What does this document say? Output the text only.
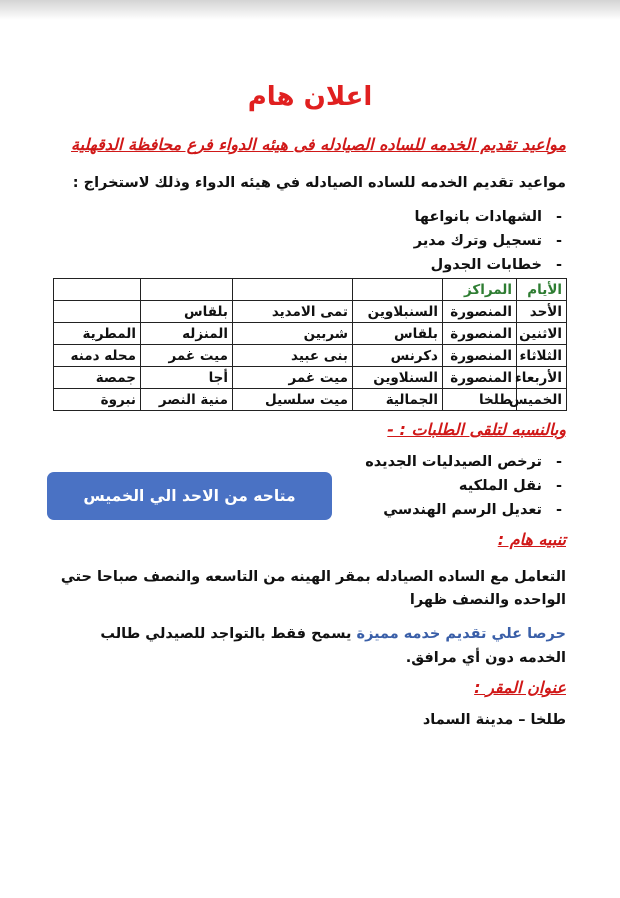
اعلان هام
مواعيد تقديم الخدمه للساده الصيادله فى هيئه الدواء فرع محافظة الدقهلية

مواعيد تقديم الخدمه للساده الصيادله في هيئه الدواء وذلك لاستخراج :

- الشهادات بانواعها
- تسجيل وترك مدير
- خطابات الجدول
الأيام	المراكز				
الأحد	المنصورة	السنبلاوين	تمى الامديد	بلقاس	
الاثنين	المنصورة	بلقاس	شربين	المنزله	المطرية
الثلاثاء	المنصورة	دكرنس	بنى عبيد	ميت غمر	محله دمنه
الأربعاء	المنصورة	السنلاوين	ميت غمر	أجا	جمصة
الخميس	طلخا	الجمالية	ميت سلسيل	منية النصر	نبروة
وبالنسبه لتلقى الطلبات : -
- ترخص الصيدليات الجديده
- نقل الملكيه
- تعديل الرسم الهندسي
متاحه من الاحد الي الخميس
تنبيه هام :

التعامل مع الساده الصيادله بمقر الهينه من التاسعه والنصف صباحا حتي الواحده والنصف ظهرا

حرصا علي تقديم خدمه مميزة يسمح فقط بالتواجد للصيدلي طالب الخدمه دون أي مرافق.

عنوان المقر :

طلخا – مدينة السماد
